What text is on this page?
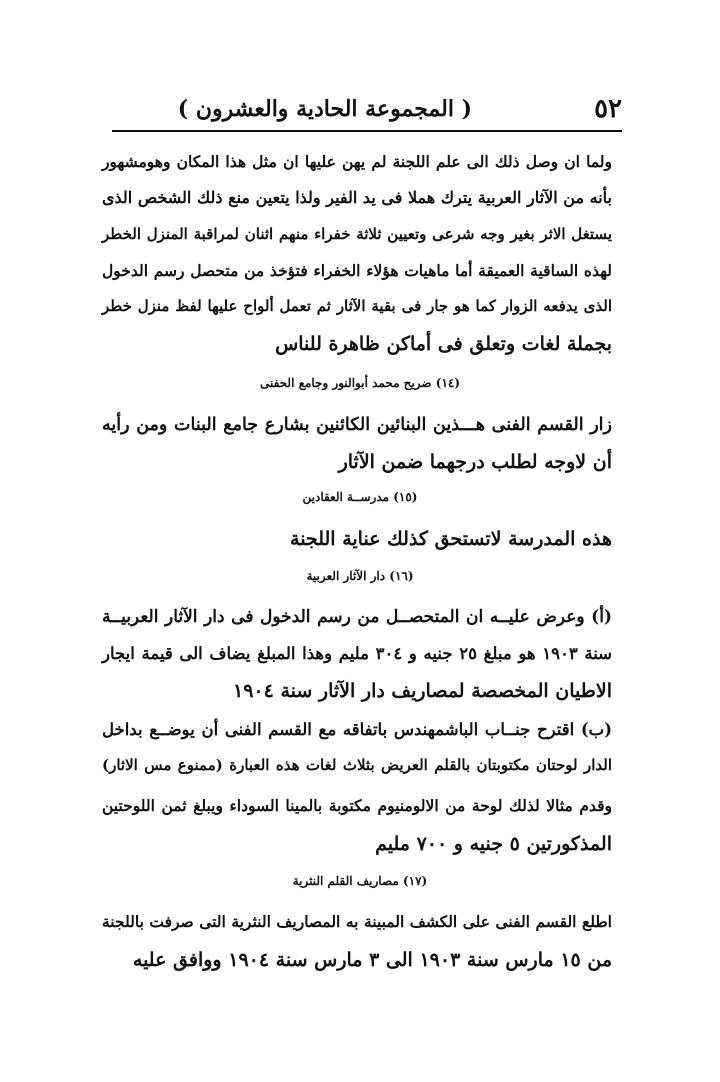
٥٢
( المجموعة الحادية والعشرون )
ولما ان وصل ذلك الى علم اللجنة لم يهن عليها ان مثل هذا المكان وهومشهور
بأنه من الآثار العربية يترك هملا فى يد الفير ولذا يتعين منع ذلك الشخص الذى
يستغل الاثر بغير وجه شرعى وتعيين ثلاثة خفراء منهم اثنان لمراقبة المنزل الخطر
لهذه الساقية العميقة أما ماهيات هؤلاء الخفراء فتؤخذ من متحصل رسم الدخول
الذى يدفعه الزوار كما هو جار فى بقية الآثار ثم تعمل ألواح عليها لفظ منزل خطر
بجملة لغات وتعلق فى أماكن ظاهرة للناس
(١٤) ضريح محمد أبوالنور وجامع الحفنى
زار القسم الفنى هـــذين البنائين الكائنين بشارع جامع البنات ومن رأيه
أن لاوجه لطلب درجهما ضمن الآثار
(١٥) مدرســة العقادين
هذه المدرسة لاتستحق كذلك عناية اللجنة
(١٦) دار الآثار العربية
(أ) وعرض عليــه ان المتحصــل من رسم الدخول فى دار الآثار العربيــة
سنة ١٩٠٣ هو مبلغ ٢٥ جنيه و ٣٠٤ مليم وهذا المبلغ يضاف الى قيمة ايجار
الاطيان المخصصة لمصاريف دار الآثار سنة ١٩٠٤
(ب) اقترح جنــاب الباشمهندس باتفاقه مع القسم الفنى أن يوضــع بداخل
الدار لوحتان مكتوبتان بالقلم العريض بثلاث لغات هذه العبارة (ممنوع مس الاثار)
وقدم مثالا لذلك لوحة من الالومنيوم مكتوبة بالمينا السوداء ويبلغ ثمن اللوحتين
المذكورتين ٥ جنيه و ٧٠٠ مليم
(١٧) مصاريف القلم النثرية
اطلع القسم الفنى على الكشف المبينة به المصاريف النثرية التى صرفت باللجنة
من ١٥ مارس سنة ١٩٠٣ الى ٣ مارس سنة ١٩٠٤ ووافق عليه
